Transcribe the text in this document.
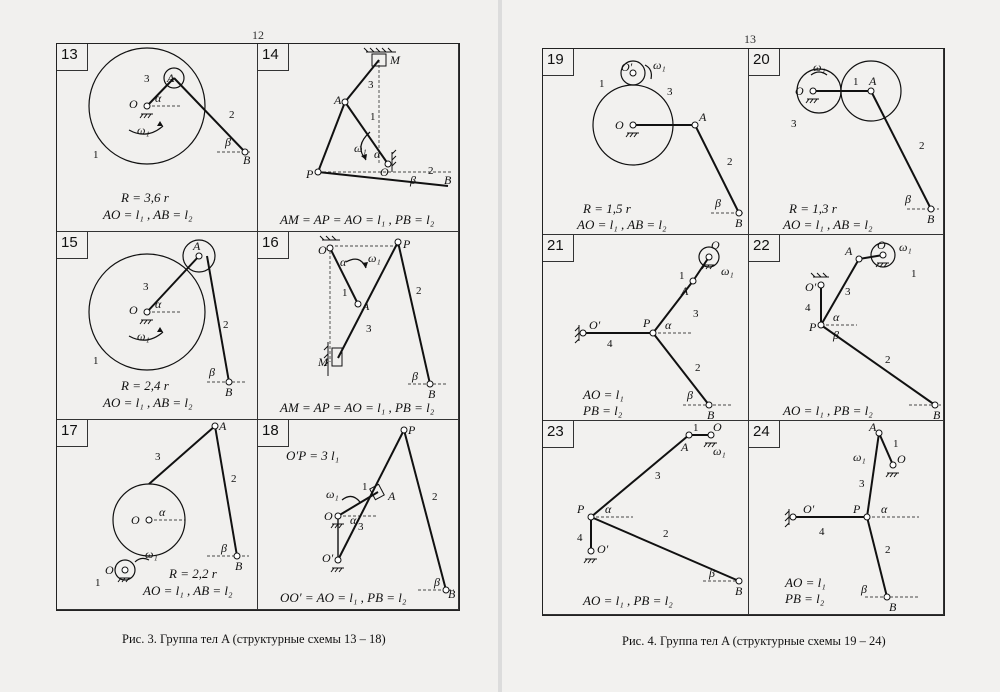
12
13
A
O α
ω₁
3
2
β
B
1
R = 3,6 r
AO = l₁ , AB = l₂
14	M
3
A
1
ω₁ α
O
P	2
β B
AM = AP = AO = l₁ , PB = l₂
15	A
O α
ω₁
3
2
β
B
1
R = 2,4 r
AO = l₁ , AB = l₂
16	O
α ω₁
P
1
A
3
2
M
β
B
AM = AP = AO = l₁ , PB = l₂
17	A
3
2
O
α
O′
ω₁
1
β
B
R = 2,2 r
AO = l₁ , AB = l₂
18	P
ω₁ 1
A
O α 3
O′
2
β
B
O′P = 3 l₁
OO′ = AO = l₁ , PB = l₂
Рис. 3. Группа тел A (структурные схемы 13 – 18)
13
19	O′ ω₁
1
3
O
A
2
β
B
R = 1,5 r
AO = l₁ , AB = l₂
20	ω₁
O
1 A
3
2
β
B
R = 1,3 r
AO = l₁ , AB = l₂
21	O
ω₁
1
A
3
O′	P α
4
2
β
B
AO = l₁
PB = l₂
22	A O ω₁
1
O′
4
3
P
α
β
2
B
AO = l₁ , PB = l₂
23	1 O
A ω₁
3
P α
4
O′
2
β
B
AO = l₁ , PB = l₂
24	A
1
ω₁	O
3
O′	P α
4
2
β
B
AO = l₁
PB = l₂
Рис. 4. Группа тел A (структурные схемы 19 – 24)
